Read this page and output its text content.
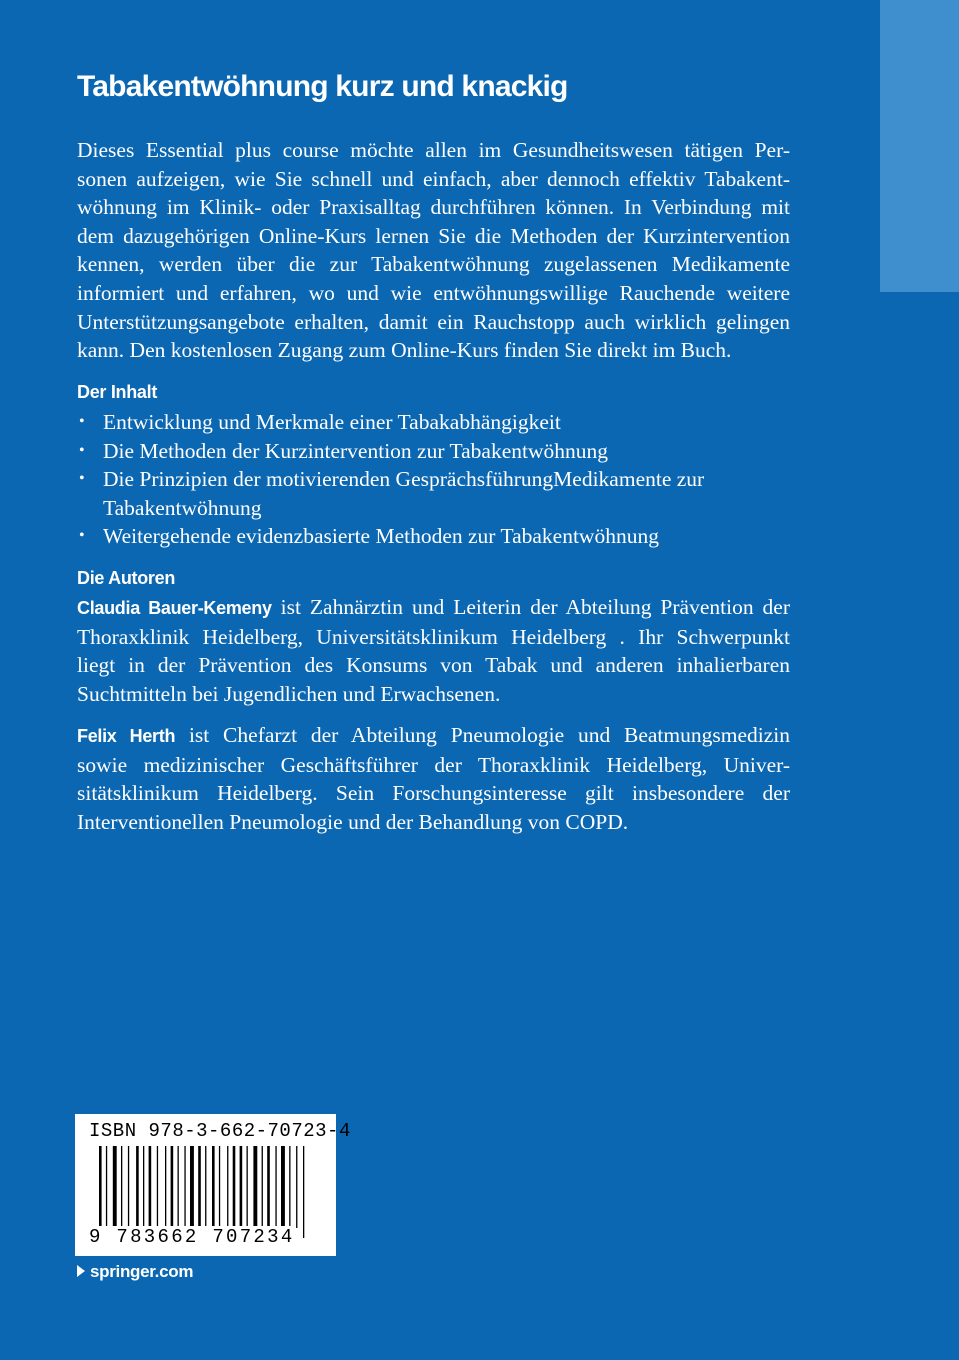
Tabakentwöhnung kurz und knackig

Dieses Essential plus course möchte allen im Gesundheitswesen tätigen Per-
sonen aufzeigen, wie Sie schnell und einfach, aber dennoch effektiv Tabakent-
wöhnung im Klinik- oder Praxisalltag durchführen können. In Verbindung mit
dem dazugehörigen Online-Kurs lernen Sie die Methoden der Kurzintervention
kennen, werden über die zur Tabakentwöhnung zugelassenen Medikamente
informiert und erfahren, wo und wie entwöhnungswillige Rauchende weitere
Unterstützungsangebote erhalten, damit ein Rauchstopp auch wirklich gelingen
kann. Den kostenlosen Zugang zum Online-Kurs finden Sie direkt im Buch.

Der Inhalt
• Entwicklung und Merkmale einer Tabakabhängigkeit
• Die Methoden der Kurzintervention zur Tabakentwöhnung
• Die Prinzipien der motivierenden GesprächsführungMedikamente zur Tabakentwöhnung
• Weitergehende evidenzbasierte Methoden zur Tabakentwöhnung
Die Autoren

Claudia Bauer-Kemeny ist Zahnärztin und Leiterin der Abteilung Prävention der
Thoraxklinik Heidelberg, Universitätsklinikum Heidelberg . Ihr Schwerpunkt
liegt in der Prävention des Konsums von Tabak und anderen inhalierbaren
Suchtmitteln bei Jugendlichen und Erwachsenen.

Felix Herth ist Chefarzt der Abteilung Pneumologie und Beatmungsmedizin
sowie medizinischer Geschäftsführer der Thoraxklinik Heidelberg, Univer-
sitätsklinikum Heidelberg. Sein Forschungsinteresse gilt insbesondere der
Interventionellen Pneumologie und der Behandlung von COPD.

ISBN 978-3-662-70723-4
9 783662 707234
springer.com
